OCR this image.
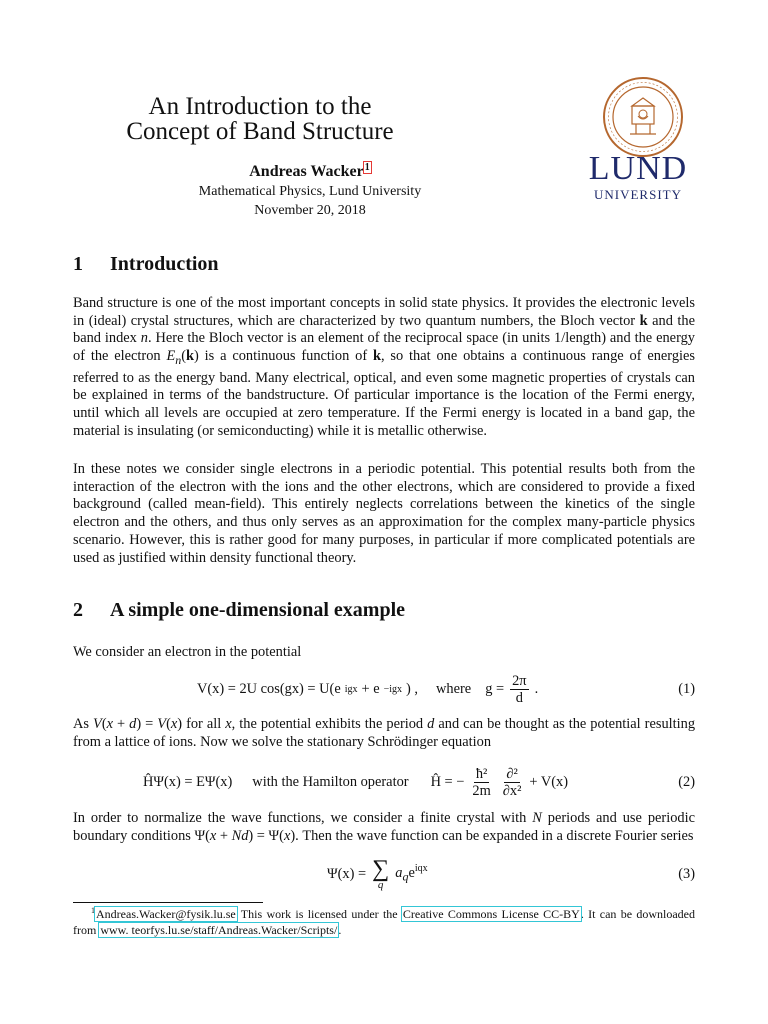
An Introduction to the
Concept of Band Structure
Andreas Wacker$^1$
Mathematical Physics, Lund University
November 20, 2018
LUND
UNIVERSITY
1 Introduction
Band structure is one of the most important concepts in solid state physics. It provides the electronic levels in (ideal) crystal structures, which are characterized by two quantum numbers, the Bloch vector k and the band index n. Here the Bloch vector is an element of the reciprocal space (in units 1/length) and the energy of the electron $E_n(k)$ is a continuous function of k, so that one obtains a continuous range of energies referred to as the energy band. Many electrical, optical, and even some magnetic properties of crystals can be explained in terms of the bandstructure. Of particular importance is the location of the Fermi energy, until which all levels are occupied at zero temperature. If the Fermi energy is located in a band gap, the material is insulating (or semiconducting) while it is metallic otherwise.
In these notes we consider single electrons in a periodic potential. This potential results both from the interaction of the electron with the ions and the other electrons, which are considered to provide a fixed background (called mean-field). This entirely neglects correlations between the kinetics of the single electron and the others, and thus only serves as an approximation for the complex many-particle physics scenario. However, this is rather good for many purposes, in particular if more complicated potentials are used as justified within density functional theory.
2 A simple one-dimensional example
We consider an electron in the potential
V(x) = 2U cos(gx) = U(e igx + e −igx ) , where $g = \frac{2\pi}{d}$ .	(1)
As V(x + d) = V(x) for all x, the potential exhibits the period d and can be thought as the potential resulting from a lattice of ions. Now we solve the stationary Schrödinger equation
ĤΨ(x) = EΨ(x) with the Hamilton operator Ĥ = − $\frac{\text{ħ²}}{2m} \frac{\text{∂²}}{\text{∂x²}} + V(x)$	(2)
In order to normalize the wave functions, we consider a finite crystal with N periods and use periodic boundary conditions Ψ(x + Nd) = Ψ(x). Then the wave function can be expanded in a discrete Fourier series
Ψ(x) = ∑
q
$a_qe^{iqx}$	(3)
$^1$Andreas.Wacker@fysik.lu.se This work is licensed under the Creative Commons License CC-BY. It can be downloaded from www. teorfys.lu.se/staff/Andreas.Wacker/Scripts/.
